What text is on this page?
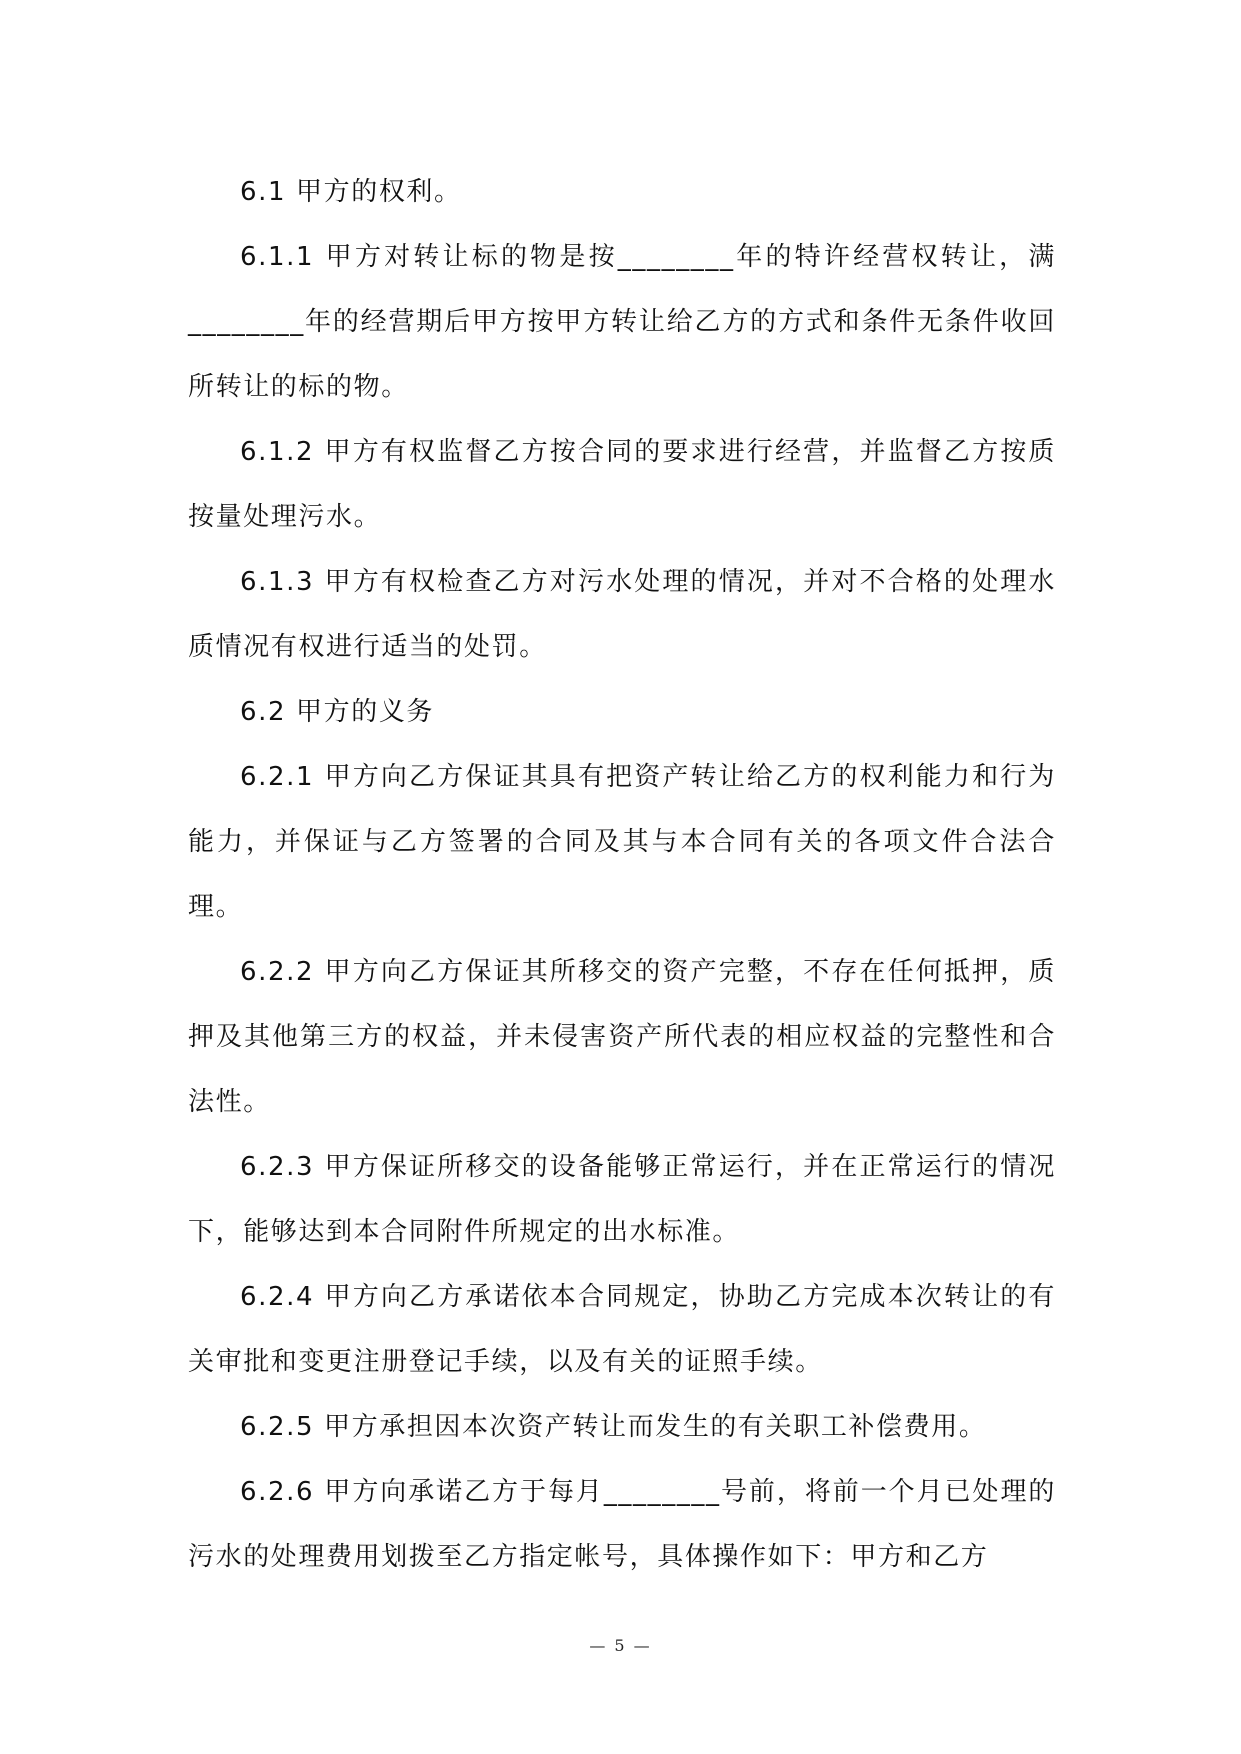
6.1 甲方的权利。

6.1.1 甲方对转让标的物是按________年的特许经营权转让，满________年的经营期后甲方按甲方转让给乙方的方式和条件无条件收回所转让的标的物。

6.1.2 甲方有权监督乙方按合同的要求进行经营，并监督乙方按质按量处理污水。

6.1.3 甲方有权检查乙方对污水处理的情况，并对不合格的处理水质情况有权进行适当的处罚。

6.2 甲方的义务

6.2.1 甲方向乙方保证其具有把资产转让给乙方的权利能力和行为能力，并保证与乙方签署的合同及其与本合同有关的各项文件合法合理。

6.2.2 甲方向乙方保证其所移交的资产完整，不存在任何抵押，质押及其他第三方的权益，并未侵害资产所代表的相应权益的完整性和合法性。

6.2.3 甲方保证所移交的设备能够正常运行，并在正常运行的情况下，能够达到本合同附件所规定的出水标准。

6.2.4 甲方向乙方承诺依本合同规定，协助乙方完成本次转让的有关审批和变更注册登记手续，以及有关的证照手续。

6.2.5 甲方承担因本次资产转让而发生的有关职工补偿费用。

6.2.6 甲方向承诺乙方于每月________号前，将前一个月已处理的污水的处理费用划拨至乙方指定帐号，具体操作如下：甲方和乙方

— 5 —
